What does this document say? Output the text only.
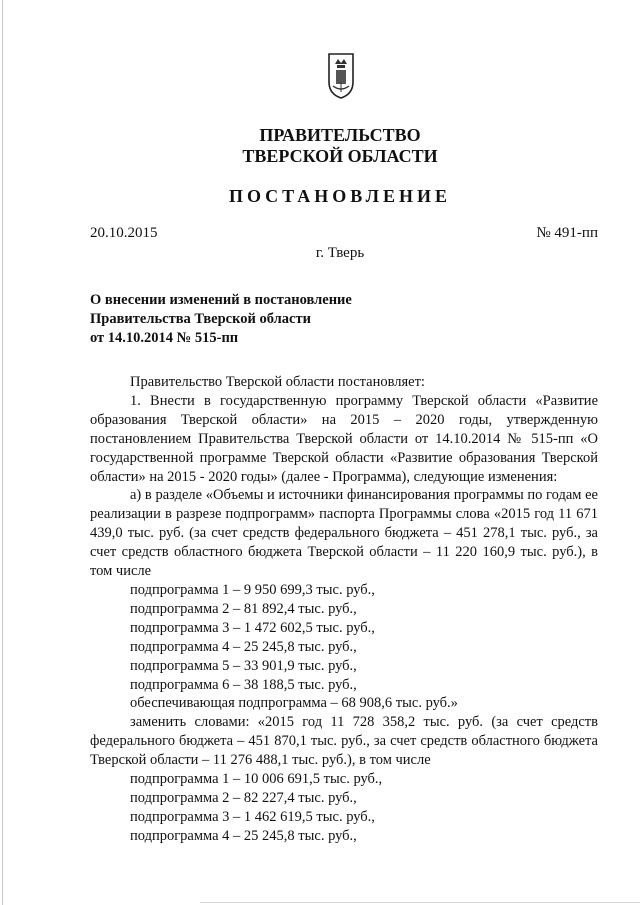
ПРАВИТЕЛЬСТВО
ТВЕРСКОЙ ОБЛАСТИ
ПОСТАНОВЛЕНИЕ
20.10.2015	№ 491-пп
г. Тверь
О внесении изменений в постановление
Правительства Тверской области
от 14.10.2014 № 515-пп

Правительство Тверской области постановляет:

1. Внести в государственную программу Тверской области «Развитие образования Тверской области» на 2015 – 2020 годы, утвержденную постановлением Правительства Тверской области от 14.10.2014 № 515-пп «О государственной программе Тверской области «Развитие образования Тверской области» на 2015 - 2020 годы» (далее - Программа), следующие изменения:

а) в разделе «Объемы и источники финансирования программы по годам ее реализации в разрезе подпрограмм» паспорта Программы слова «2015 год 11 671 439,0 тыс. руб. (за счет средств федерального бюджета – 451 278,1 тыс. руб., за счет средств областного бюджета Тверской области – 11 220 160,9 тыс. руб.), в том числе

подпрограмма 1 – 9 950 699,3 тыс. руб.,

подпрограмма 2 – 81 892,4 тыс. руб.,

подпрограмма 3 – 1 472 602,5 тыс. руб.,

подпрограмма 4 – 25 245,8 тыс. руб.,

подпрограмма 5 – 33 901,9 тыс. руб.,

подпрограмма 6 – 38 188,5 тыс. руб.,

обеспечивающая подпрограмма – 68 908,6 тыс. руб.»

заменить словами: «2015 год 11 728 358,2 тыс. руб. (за счет средств федерального бюджета – 451 870,1 тыс. руб., за счет средств областного бюджета Тверской области – 11 276 488,1 тыс. руб.), в том числе

подпрограмма 1 – 10 006 691,5 тыс. руб.,

подпрограмма 2 – 82 227,4 тыс. руб.,

подпрограмма 3 – 1 462 619,5 тыс. руб.,

подпрограмма 4 – 25 245,8 тыс. руб.,
